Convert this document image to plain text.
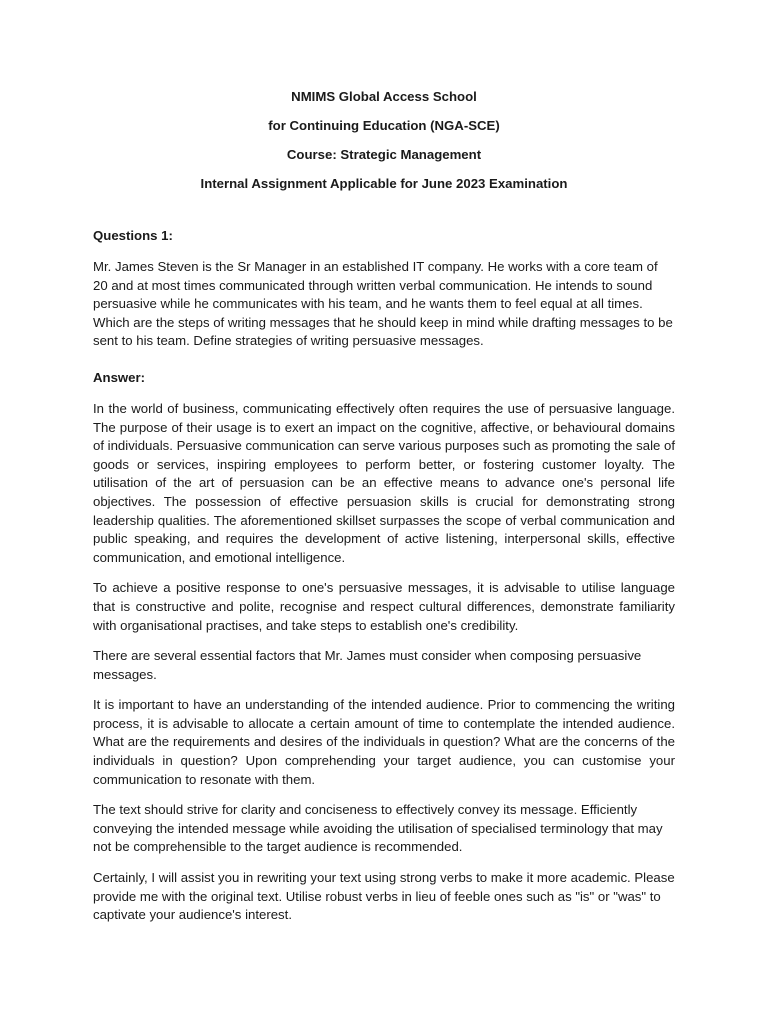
NMIMS Global Access School
for Continuing Education (NGA-SCE)
Course: Strategic Management
Internal Assignment Applicable for June 2023 Examination
Questions 1:

Mr. James Steven is the Sr Manager in an established IT company. He works with a core team of 20 and at most times communicated through written verbal communication. He intends to sound persuasive while he communicates with his team, and he wants them to feel equal at all times. Which are the steps of writing messages that he should keep in mind while drafting messages to be sent to his team. Define strategies of writing persuasive messages.

Answer:

In the world of business, communicating effectively often requires the use of persuasive language. The purpose of their usage is to exert an impact on the cognitive, affective, or behavioural domains of individuals. Persuasive communication can serve various purposes such as promoting the sale of goods or services, inspiring employees to perform better, or fostering customer loyalty. The utilisation of the art of persuasion can be an effective means to advance one's personal life objectives. The possession of effective persuasion skills is crucial for demonstrating strong leadership qualities. The aforementioned skillset surpasses the scope of verbal communication and public speaking, and requires the development of active listening, interpersonal skills, effective communication, and emotional intelligence.

To achieve a positive response to one's persuasive messages, it is advisable to utilise language that is constructive and polite, recognise and respect cultural differences, demonstrate familiarity with organisational practises, and take steps to establish one's credibility.

There are several essential factors that Mr. James must consider when composing persuasive messages.

It is important to have an understanding of the intended audience. Prior to commencing the writing process, it is advisable to allocate a certain amount of time to contemplate the intended audience. What are the requirements and desires of the individuals in question? What are the concerns of the individuals in question? Upon comprehending your target audience, you can customise your communication to resonate with them.

The text should strive for clarity and conciseness to effectively convey its message. Efficiently conveying the intended message while avoiding the utilisation of specialised terminology that may not be comprehensible to the target audience is recommended.

Certainly, I will assist you in rewriting your text using strong verbs to make it more academic. Please provide me with the original text. Utilise robust verbs in lieu of feeble ones such as "is" or "was" to captivate your audience's interest.
